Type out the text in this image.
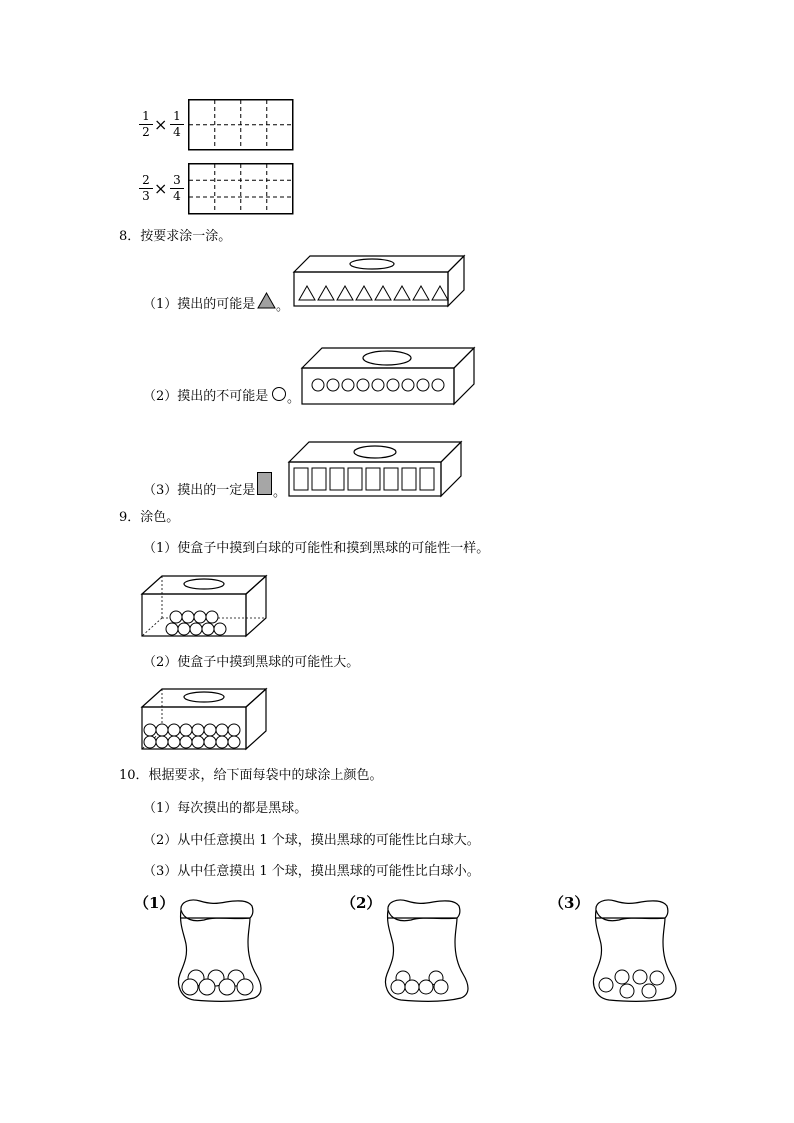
1
2 × 1
4
2
3 × 3
4
8．按要求涂一涂。
（1）摸出的可能是 。
（2）摸出的不可能是 。
（3）摸出的一定是 。
9．涂色。
（1）使盒子中摸到白球的可能性和摸到黑球的可能性一样。
（2）使盒子中摸到黑球的可能性大。
10．根据要求，给下面每袋中的球涂上颜色。
（1）每次摸出的都是黑球。
（2）从中任意摸出 1 个球，摸出黑球的可能性比白球大。
（3）从中任意摸出 1 个球，摸出黑球的可能性比白球小。
（1）	（2）	（3）
